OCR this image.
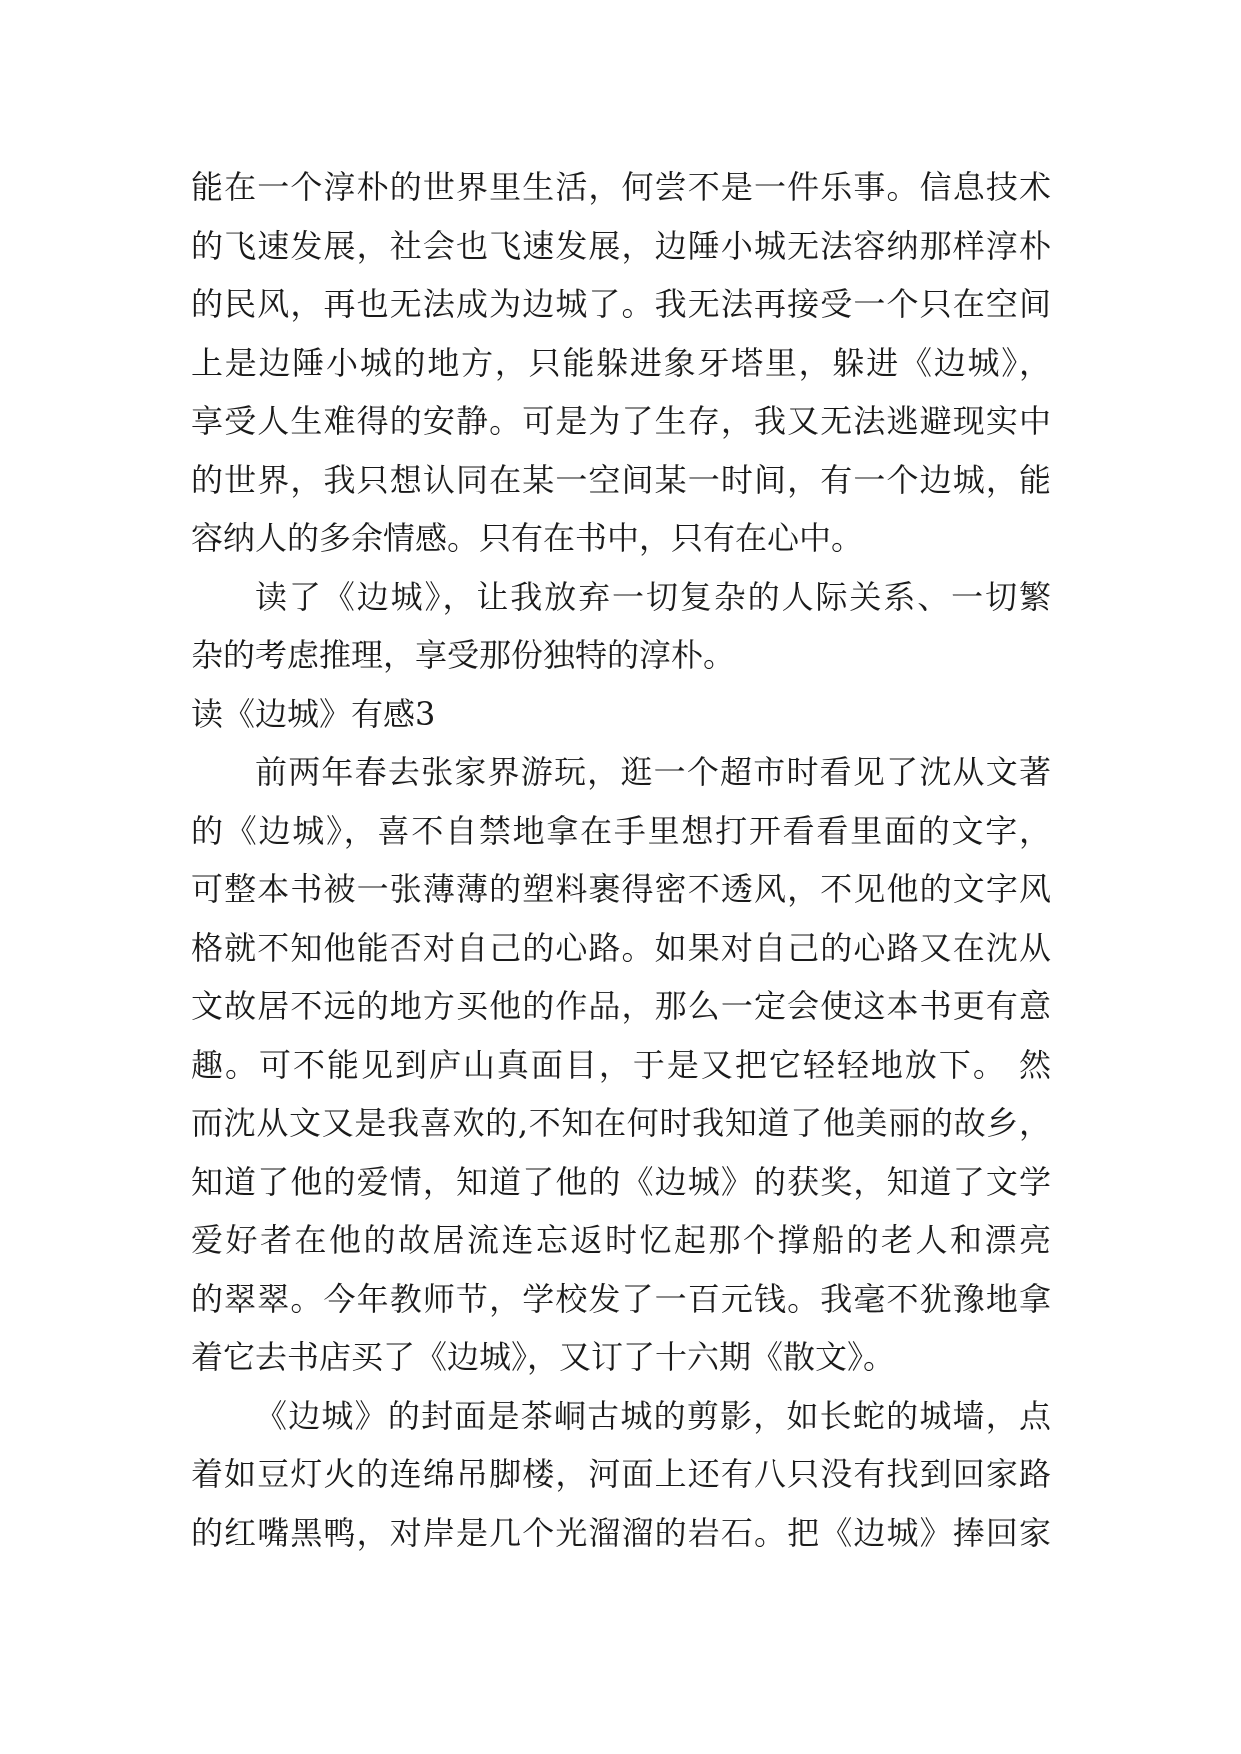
能在一个淳朴的世界里生活，何尝不是一件乐事。信息技术
的飞速发展，社会也飞速发展，边陲小城无法容纳那样淳朴
的民风，再也无法成为边城了。我无法再接受一个只在空间
上是边陲小城的地方，只能躲进象牙塔里，躲进《边城》，
享受人生难得的安静。可是为了生存，我又无法逃避现实中
的世界，我只想认同在某一空间某一时间，有一个边城，能
容纳人的多余情感。只有在书中，只有在心中。
读了《边城》，让我放弃一切复杂的人际关系、一切繁
杂的考虑推理，享受那份独特的淳朴。
读《边城》有感3
前两年春去张家界游玩，逛一个超市时看见了沈从文著
的《边城》，喜不自禁地拿在手里想打开看看里面的文字，
可整本书被一张薄薄的塑料裹得密不透风，不见他的文字风
格就不知他能否对自己的心路。如果对自己的心路又在沈从
文故居不远的地方买他的作品，那么一定会使这本书更有意
趣。可不能见到庐山真面目，于是又把它轻轻地放下。 然
而沈从文又是我喜欢的,不知在何时我知道了他美丽的故乡，
知道了他的爱情，知道了他的《边城》的获奖，知道了文学
爱好者在他的故居流连忘返时忆起那个撑船的老人和漂亮
的翠翠。今年教师节，学校发了一百元钱。我毫不犹豫地拿
着它去书店买了《边城》，又订了十六期《散文》。
《边城》的封面是茶峒古城的剪影，如长蛇的城墙，点
着如豆灯火的连绵吊脚楼，河面上还有八只没有找到回家路
的红嘴黑鸭，对岸是几个光溜溜的岩石。把《边城》捧回家
